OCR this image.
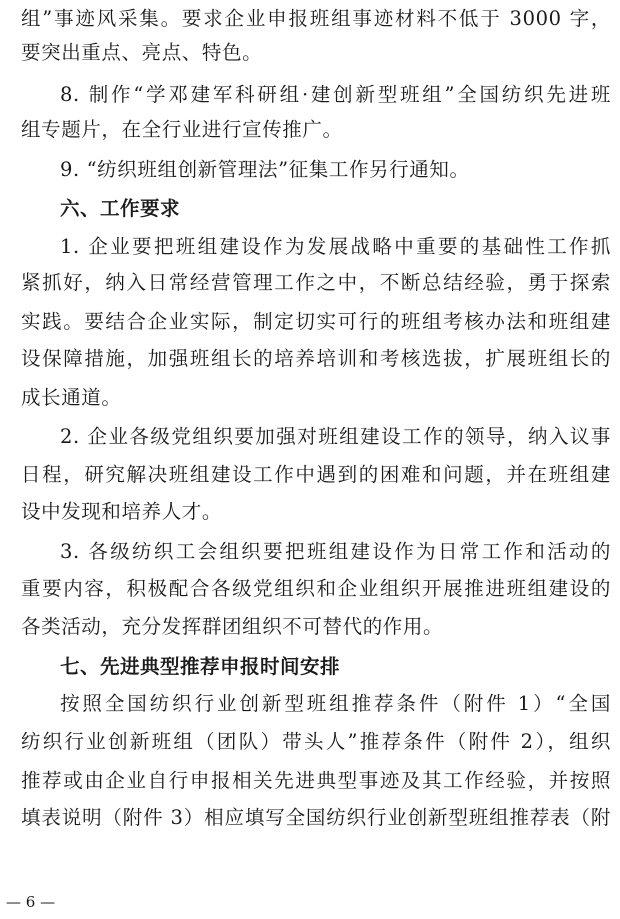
组”事迹风采集。要求企业申报班组事迹材料不低于 3000 字，
要突出重点、亮点、特色。
8. 制作“学邓建军科研组·建创新型班组”全国纺织先进班
组专题片，在全行业进行宣传推广。
9. “纺织班组创新管理法”征集工作另行通知。
六、工作要求
1. 企业要把班组建设作为发展战略中重要的基础性工作抓
紧抓好，纳入日常经营管理工作之中，不断总结经验，勇于探索
实践。要结合企业实际，制定切实可行的班组考核办法和班组建
设保障措施，加强班组长的培养培训和考核选拔，扩展班组长的
成长通道。
2. 企业各级党组织要加强对班组建设工作的领导，纳入议事
日程，研究解决班组建设工作中遇到的困难和问题，并在班组建
设中发现和培养人才。
3. 各级纺织工会组织要把班组建设作为日常工作和活动的
重要内容，积极配合各级党组织和企业组织开展推进班组建设的
各类活动，充分发挥群团组织不可替代的作用。
七、先进典型推荐申报时间安排
按照全国纺织行业创新型班组推荐条件（附件 1）“全国
纺织行业创新班组（团队）带头人”推荐条件（附件 2），组织
推荐或由企业自行申报相关先进典型事迹及其工作经验，并按照
填表说明（附件 3）相应填写全国纺织行业创新型班组推荐表（附
— 6 —
